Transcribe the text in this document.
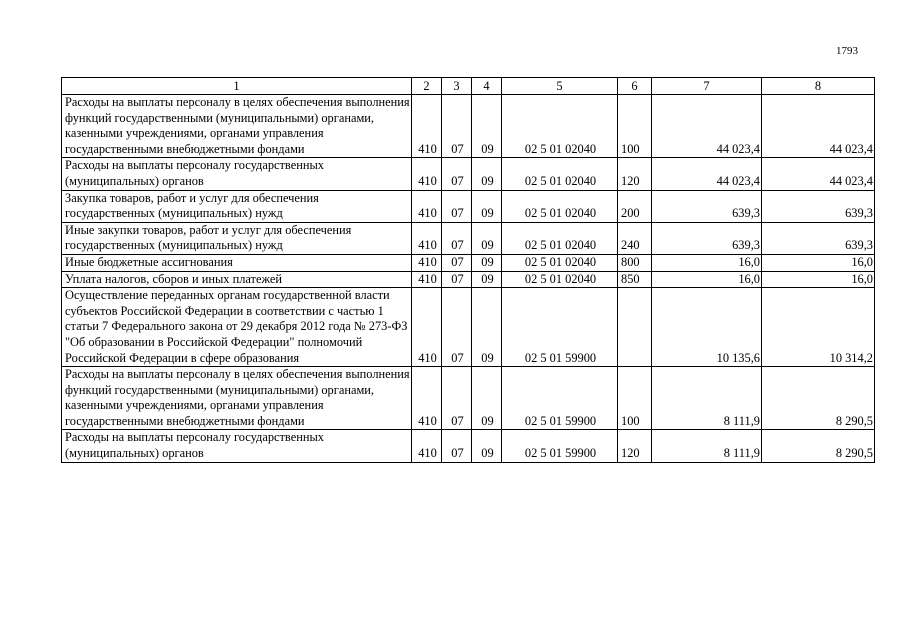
1793
1	2	3	4	5	6	7	8
Расходы на выплаты персоналу в целях обеспечения выполнения функций государственными (муниципальными) органами, казенными учреждениями, органами управления государственными внебюджетными фондами	410	07	09	02 5 01 02040	100	44 023,4	44 023,4
Расходы на выплаты персоналу государственных (муниципальных) органов	410	07	09	02 5 01 02040	120	44 023,4	44 023,4
Закупка товаров, работ и услуг для обеспечения государственных (муниципальных) нужд	410	07	09	02 5 01 02040	200	639,3	639,3
Иные закупки товаров, работ и услуг для обеспечения государственных (муниципальных) нужд	410	07	09	02 5 01 02040	240	639,3	639,3
Иные бюджетные ассигнования	410	07	09	02 5 01 02040	800	16,0	16,0
Уплата налогов, сборов и иных платежей	410	07	09	02 5 01 02040	850	16,0	16,0
Осуществление переданных органам государственной власти субъектов Российской Федерации в соответствии с частью 1 статьи 7 Федерального закона от 29 декабря 2012 года № 273-ФЗ "Об образовании в Российской Федерации" полномочий Российской Федерации в сфере образования	410	07	09	02 5 01 59900		10 135,6	10 314,2
Расходы на выплаты персоналу в целях обеспечения выполнения функций государственными (муниципальными) органами, казенными учреждениями, органами управления государственными внебюджетными фондами	410	07	09	02 5 01 59900	100	8 111,9	8 290,5
Расходы на выплаты персоналу государственных (муниципальных) органов	410	07	09	02 5 01 59900	120	8 111,9	8 290,5
